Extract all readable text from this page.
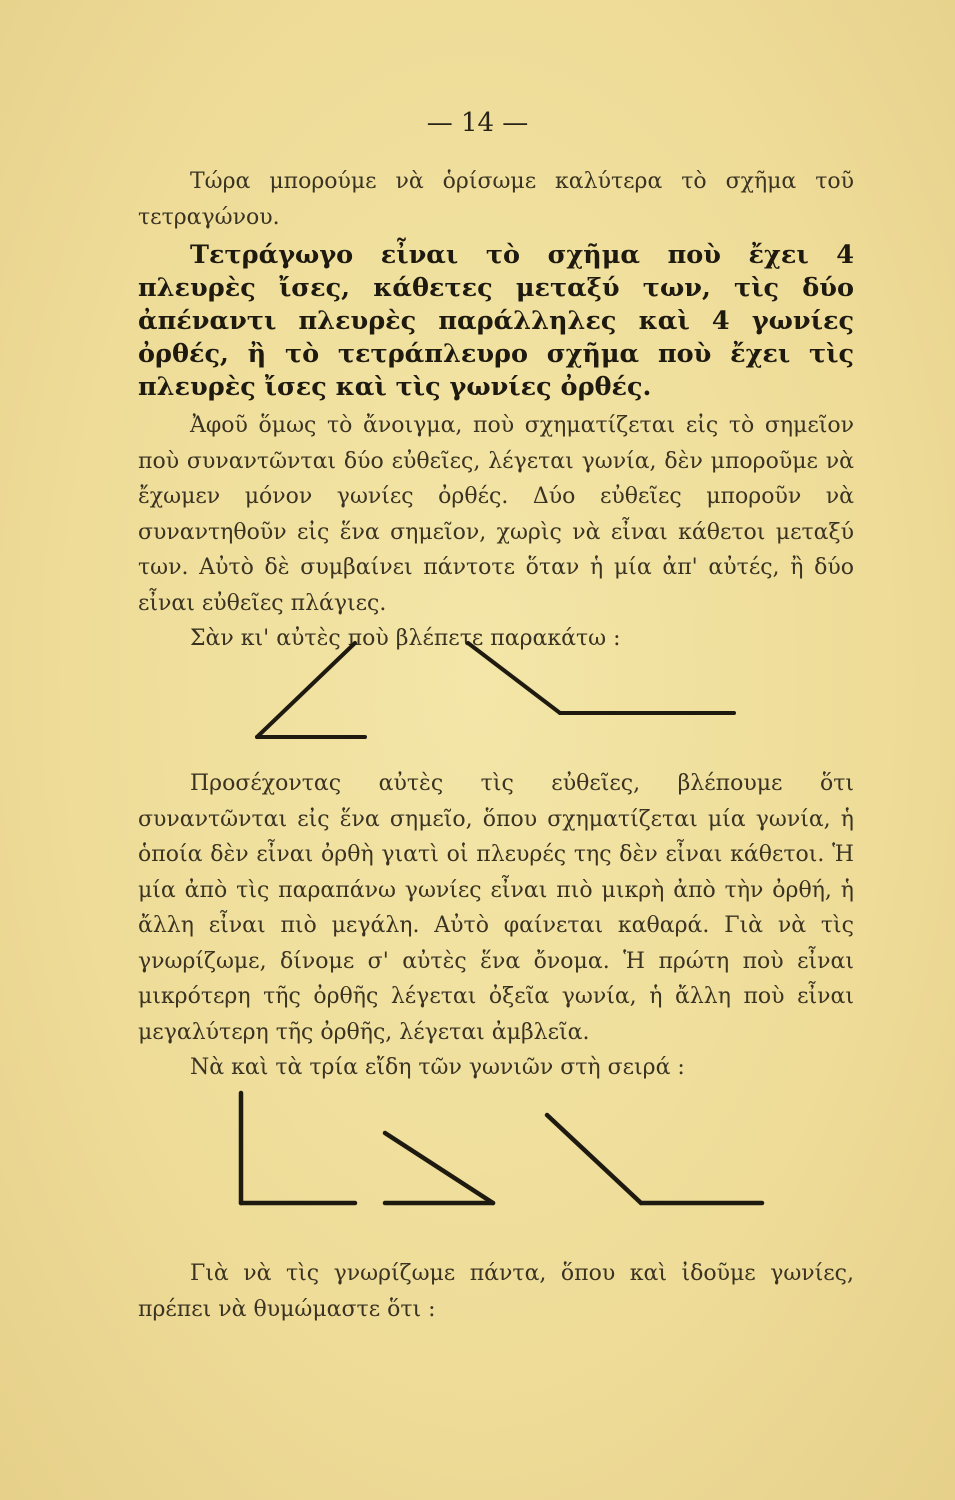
— 14 —

Τώρα μπορούμε νὰ ὁρίσωμε καλύτερα τὸ σχῆμα τοῦ τετραγώνου.

Τετράγωγο εἶναι τὸ σχῆμα ποὺ ἔχει 4 πλευρὲς ἴσες, κάθετες μεταξύ των, τὶς δύο ἀπέναντι πλευρὲς παράλληλες καὶ 4 γωνίες ὀρθές, ἢ τὸ τετράπλευρο σχῆμα ποὺ ἔχει τὶς πλευρὲς ἴσες καὶ τὶς γωνίες ὀρθές.

Ἀφοῦ ὅμως τὸ ἄνοιγμα, ποὺ σχηματίζεται εἰς τὸ σημεῖον ποὺ συναντῶνται δύο εὐθεῖες, λέγεται γωνία, δὲν μποροῦμε νὰ ἔχωμεν μόνον γωνίες ὀρθές. Δύο εὐθεῖες μποροῦν νὰ συναντηθοῦν εἰς ἕνα σημεῖον, χωρὶς νὰ εἶναι κάθετοι μεταξύ των. Αὐτὸ δὲ συμβαίνει πάντοτε ὅταν ἡ μία ἀπ' αὐτές, ἢ δύο εἶναι εὐθεῖες πλάγιες.

Σὰν κι' αὐτὲς ποὺ βλέπετε παρακάτω :

Προσέχοντας αὐτὲς τὶς εὐθεῖες, βλέπουμε ὅτι συναντῶνται εἰς ἕνα σημεῖο, ὅπου σχηματίζεται μία γωνία, ἡ ὁποία δὲν εἶναι ὀρθὴ γιατὶ οἱ πλευρές της δὲν εἶναι κάθετοι. Ἡ μία ἀπὸ τὶς παραπάνω γωνίες εἶναι πιὸ μικρὴ ἀπὸ τὴν ὀρθή, ἡ ἄλλη εἶναι πιὸ μεγάλη. Αὐτὸ φαίνεται καθαρά. Γιὰ νὰ τὶς γνωρίζωμε, δίνομε σ' αὐτὲς ἕνα ὄνομα. Ἡ πρώτη ποὺ εἶναι μικρότερη τῆς ὀρθῆς λέγεται ὀξεῖα γωνία, ἡ ἄλλη ποὺ εἶναι μεγαλύτερη τῆς ὀρθῆς, λέγεται ἀμβλεῖα.

Νὰ καὶ τὰ τρία εἴδη τῶν γωνιῶν στὴ σειρά :

Γιὰ νὰ τὶς γνωρίζωμε πάντα, ὅπου καὶ ἰδοῦμε γωνίες, πρέπει νὰ θυμώμαστε ὅτι :
